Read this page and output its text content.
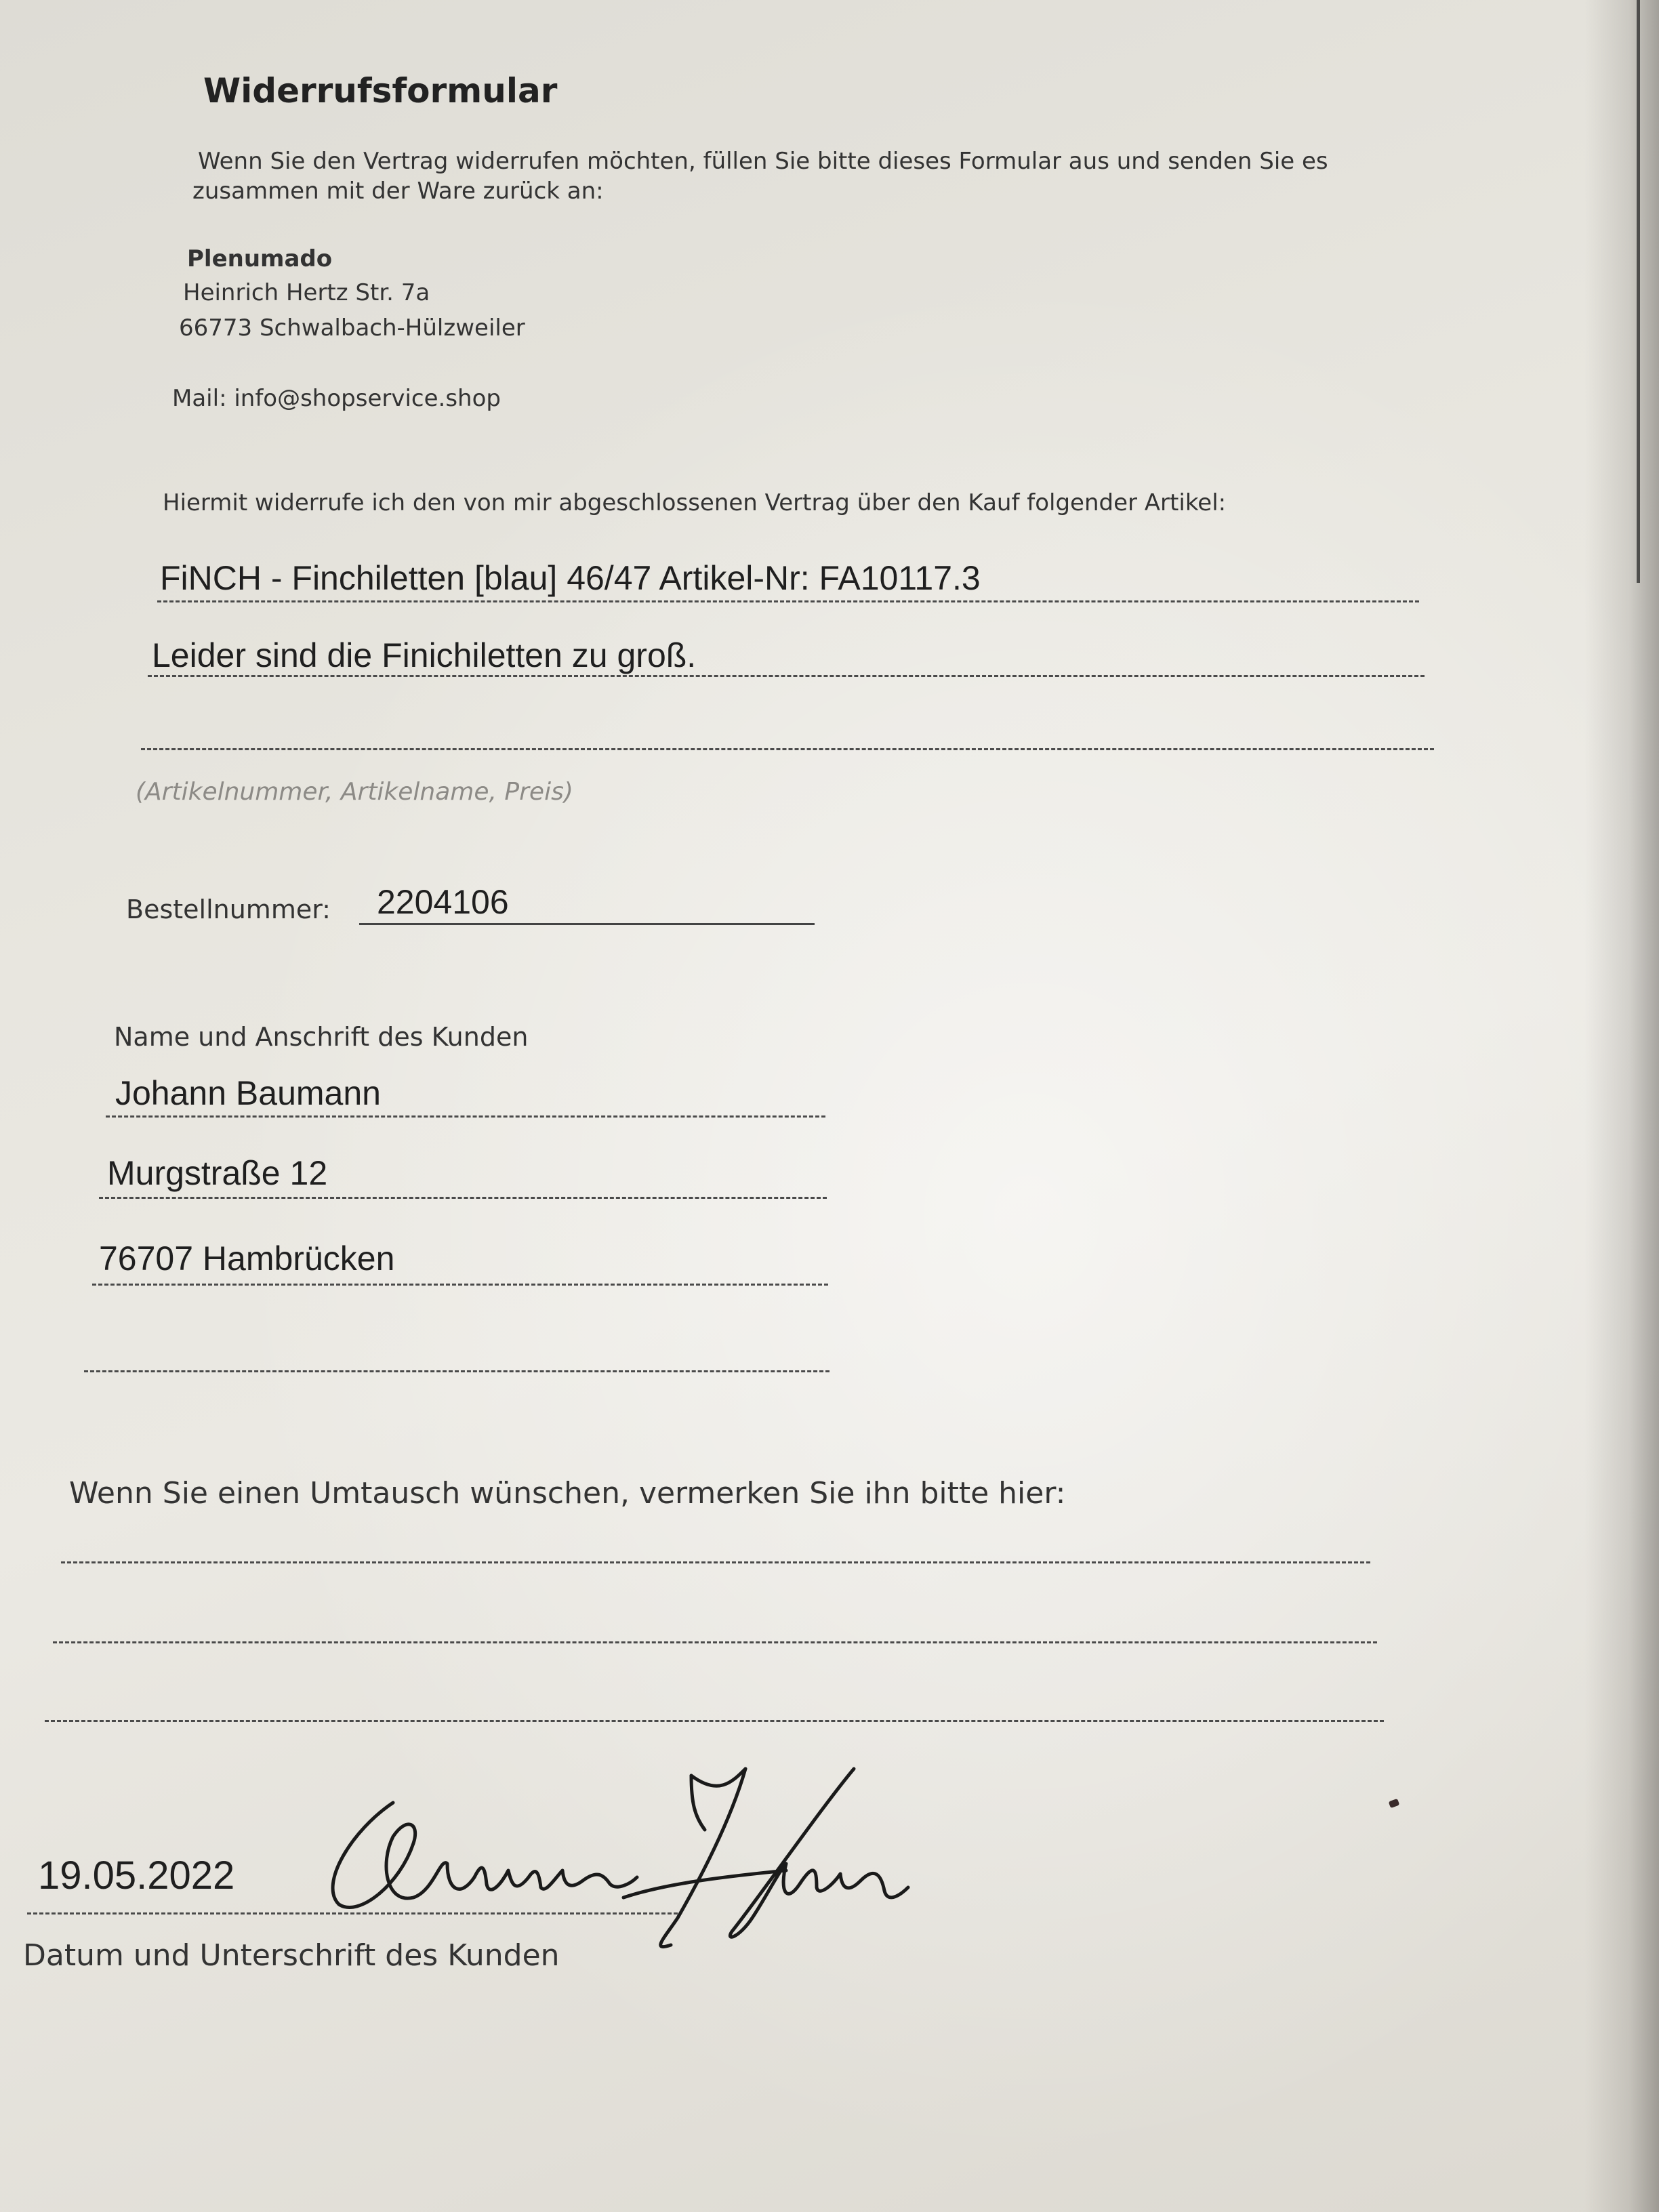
Widerrufsformular
Wenn Sie den Vertrag widerrufen möchten, füllen Sie bitte dieses Formular aus und senden Sie es
zusammen mit der Ware zurück an:
Plenumado
Heinrich Hertz Str. 7a
66773 Schwalbach-Hülzweiler
Mail: info@shopservice.shop
Hiermit widerrufe ich den von mir abgeschlossenen Vertrag über den Kauf folgender Artikel:
FiNCH - Finchiletten [blau] 46/47 Artikel-Nr: FA10117.3
Leider sind die Finichiletten zu groß.
(Artikelnummer, Artikelname, Preis)
Bestellnummer: 2204106
Name und Anschrift des Kunden
Johann Baumann
Murgstraße 12
76707 Hambrücken
Wenn Sie einen Umtausch wünschen, vermerken Sie ihn bitte hier:
19.05.2022
Datum und Unterschrift des Kunden
